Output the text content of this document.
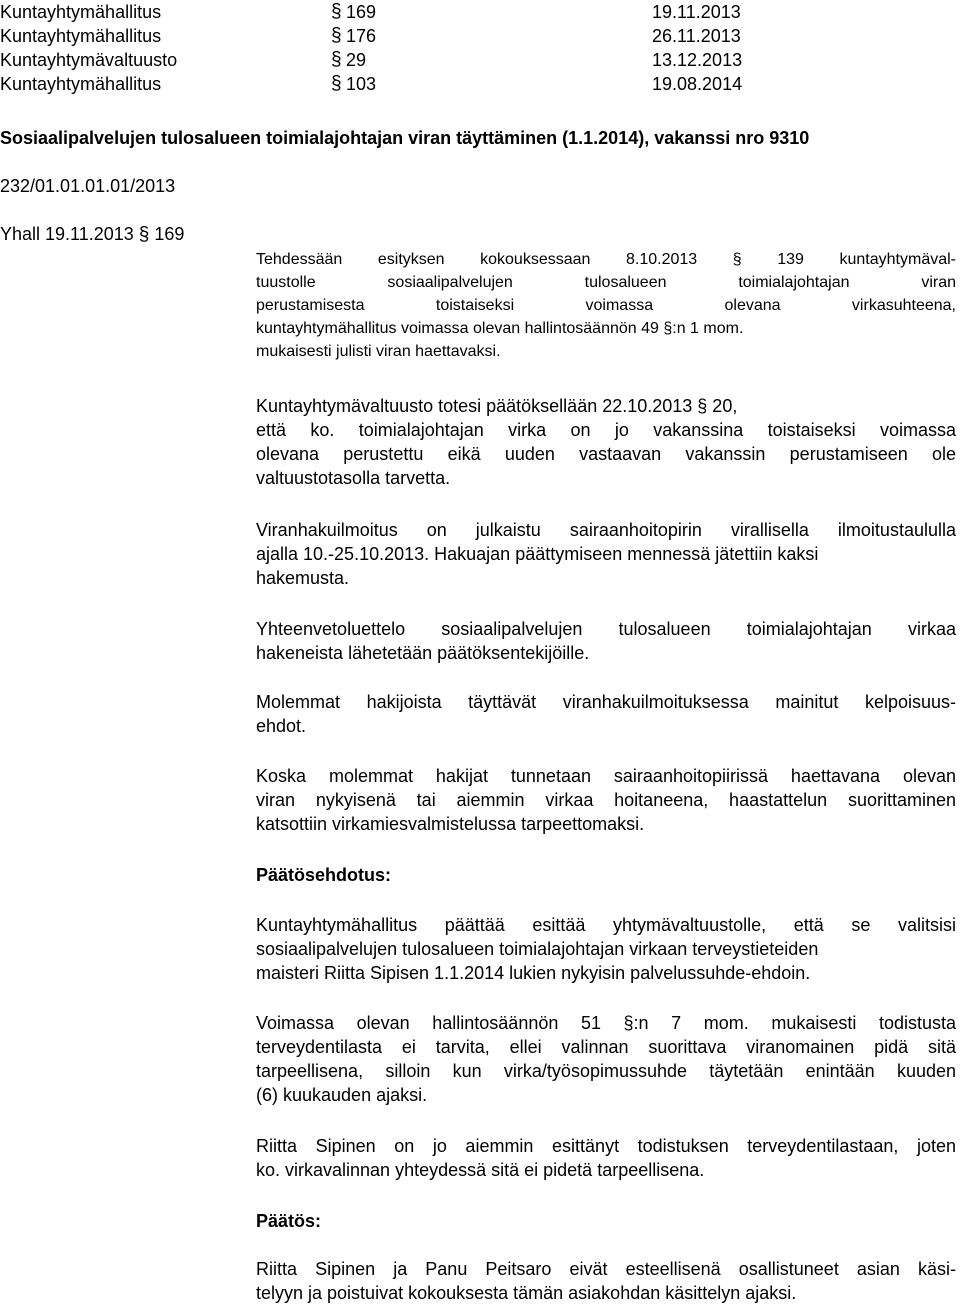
Kuntayhtymähallitus	§ 169	19.11.2013
Kuntayhtymähallitus	§ 176	26.11.2013
Kuntayhtymävaltuusto	§ 29	13.12.2013
Kuntayhtymähallitus	§ 103	19.08.2014
Sosiaalipalvelujen tulosalueen toimialajohtajan viran täyttäminen (1.1.2014), vakanssi nro 9310
232/01.01.01.01/2013
Yhall 19.11.2013 § 169
Tehdessään esityksen kokouksessaan 8.10.2013 § 139 kuntayhtymäval-
tuustolle sosiaalipalvelujen tulosalueen toimialajohtajan viran
perustamisesta toistaiseksi voimassa olevana virkasuhteena,
kuntayhtymähallitus voimassa olevan hallintosäännön 49 §:n 1 mom.
mukaisesti julisti viran haettavaksi.
Kuntayhtymävaltuusto totesi päätöksellään 22.10.2013 § 20,
että ko. toimialajohtajan virka on jo vakanssina toistaiseksi voimassa
olevana perustettu eikä uuden vastaavan vakanssin perustamiseen ole
valtuustotasolla tarvetta.
Viranhakuilmoitus on julkaistu sairaanhoitopirin virallisella ilmoitustaululla
ajalla 10.-25.10.2013. Hakuajan päättymiseen mennessä jätettiin kaksi
hakemusta.
Yhteenvetoluettelo sosiaalipalvelujen tulosalueen toimialajohtajan virkaa
hakeneista lähetetään päätöksentekijöille.
Molemmat hakijoista täyttävät viranhakuilmoituksessa mainitut kelpoisuus-
ehdot.
Koska molemmat hakijat tunnetaan sairaanhoitopiirissä haettavana olevan
viran nykyisenä tai aiemmin virkaa hoitaneena, haastattelun suorittaminen
katsottiin virkamiesvalmistelussa tarpeettomaksi.
Päätösehdotus:
Kuntayhtymähallitus päättää esittää yhtymävaltuustolle, että se valitsisi
sosiaalipalvelujen tulosalueen toimialajohtajan virkaan terveystieteiden
maisteri Riitta Sipisen 1.1.2014 lukien nykyisin palvelussuhde-ehdoin.
Voimassa olevan hallintosäännön 51 §:n 7 mom. mukaisesti todistusta
terveydentilasta ei tarvita, ellei valinnan suorittava viranomainen pidä sitä
tarpeellisena, silloin kun virka/työsopimussuhde täytetään enintään kuuden
(6) kuukauden ajaksi.
Riitta Sipinen on jo aiemmin esittänyt todistuksen terveydentilastaan, joten
ko. virkavalinnan yhteydessä sitä ei pidetä tarpeellisena.
Päätös:
Riitta Sipinen ja Panu Peitsaro eivät esteellisenä osallistuneet asian käsi-
telyyn ja poistuivat kokouksesta tämän asiakohdan käsittelyn ajaksi.
